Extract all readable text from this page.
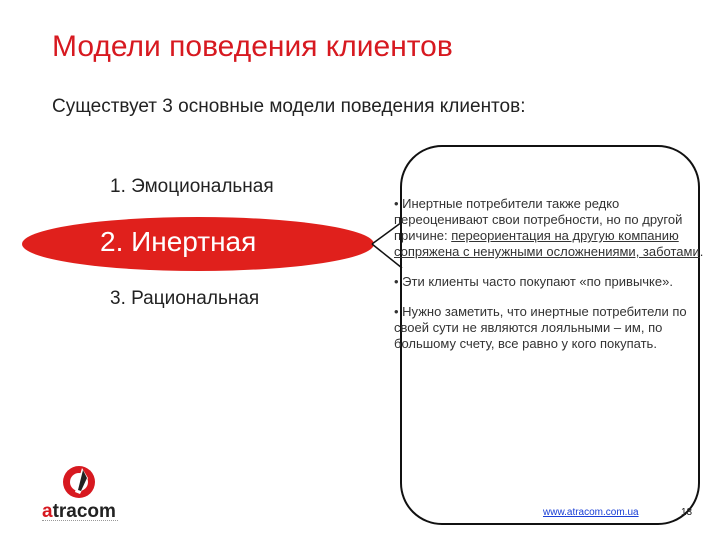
Модели поведения клиентов
Существует 3 основные модели поведения клиентов:
1. Эмоциональная
2. Инертная
3. Рациональная

• Инертные потребители также редко переоценивают свои потребности, но по другой причине: переориентация на другую компанию сопряжена с ненужными осложнениями, заботами.

• Эти клиенты часто покупают «по привычке».

• Нужно заметить, что инертные потребители по своей сути не являются лояльными – им, по большому счету, все равно у кого покупать.

atracom	www.atracom.com.ua	13
